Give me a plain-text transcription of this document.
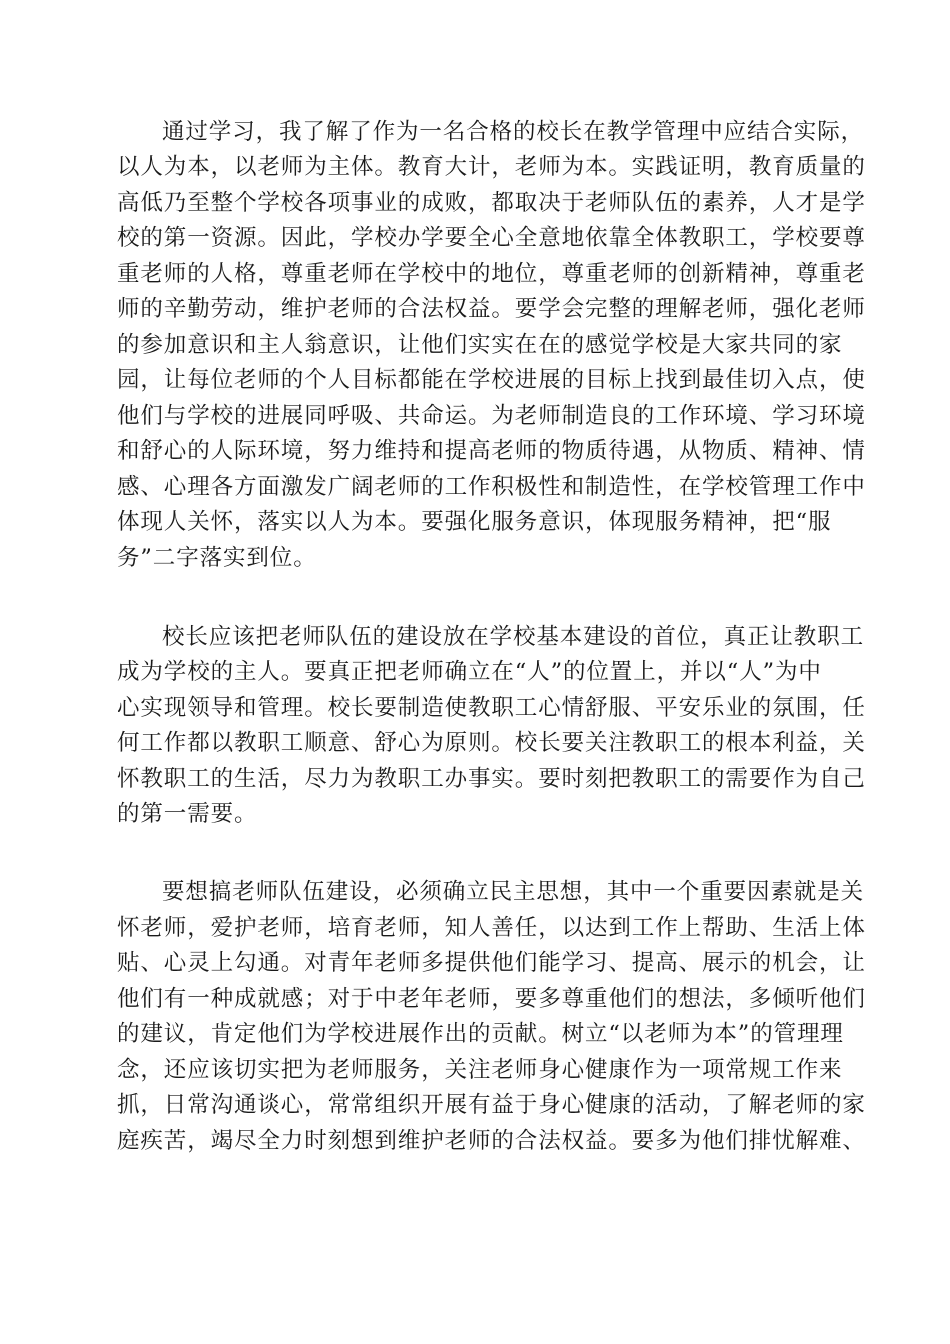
通过学习，我了解了作为一名合格的校长在教学管理中应结合实际，
以人为本，以老师为主体。教育大计，老师为本。实践证明，教育质量的
高低乃至整个学校各项事业的成败，都取决于老师队伍的素养，人才是学
校的第一资源。因此，学校办学要全心全意地依靠全体教职工，学校要尊
重老师的人格，尊重老师在学校中的地位，尊重老师的创新精神，尊重老
师的辛勤劳动，维护老师的合法权益。要学会完整的理解老师，强化老师
的参加意识和主人翁意识，让他们实实在在的感觉学校是大家共同的家
园，让每位老师的个人目标都能在学校进展的目标上找到最佳切入点，使
他们与学校的进展同呼吸、共命运。为老师制造良的工作环境、学习环境
和舒心的人际环境，努力维持和提高老师的物质待遇，从物质、精神、情
感、心理各方面激发广阔老师的工作积极性和制造性，在学校管理工作中
体现人关怀，落实以人为本。要强化服务意识，体现服务精神，把“服
务”二字落实到位。
校长应该把老师队伍的建设放在学校基本建设的首位，真正让教职工
成为学校的主人。要真正把老师确立在“人”的位置上，并以“人”为中
心实现领导和管理。校长要制造使教职工心情舒服、平安乐业的氛围，任
何工作都以教职工顺意、舒心为原则。校长要关注教职工的根本利益，关
怀教职工的生活，尽力为教职工办事实。要时刻把教职工的需要作为自己
的第一需要。
要想搞老师队伍建设，必须确立民主思想，其中一个重要因素就是关
怀老师，爱护老师，培育老师，知人善任，以达到工作上帮助、生活上体
贴、心灵上勾通。对青年老师多提供他们能学习、提高、展示的机会，让
他们有一种成就感；对于中老年老师，要多尊重他们的想法，多倾听他们
的建议，肯定他们为学校进展作出的贡献。树立“以老师为本”的管理理
念，还应该切实把为老师服务，关注老师身心健康作为一项常规工作来
抓，日常沟通谈心，常常组织开展有益于身心健康的活动，了解老师的家
庭疾苦，竭尽全力时刻想到维护老师的合法权益。要多为他们排忧解难、
